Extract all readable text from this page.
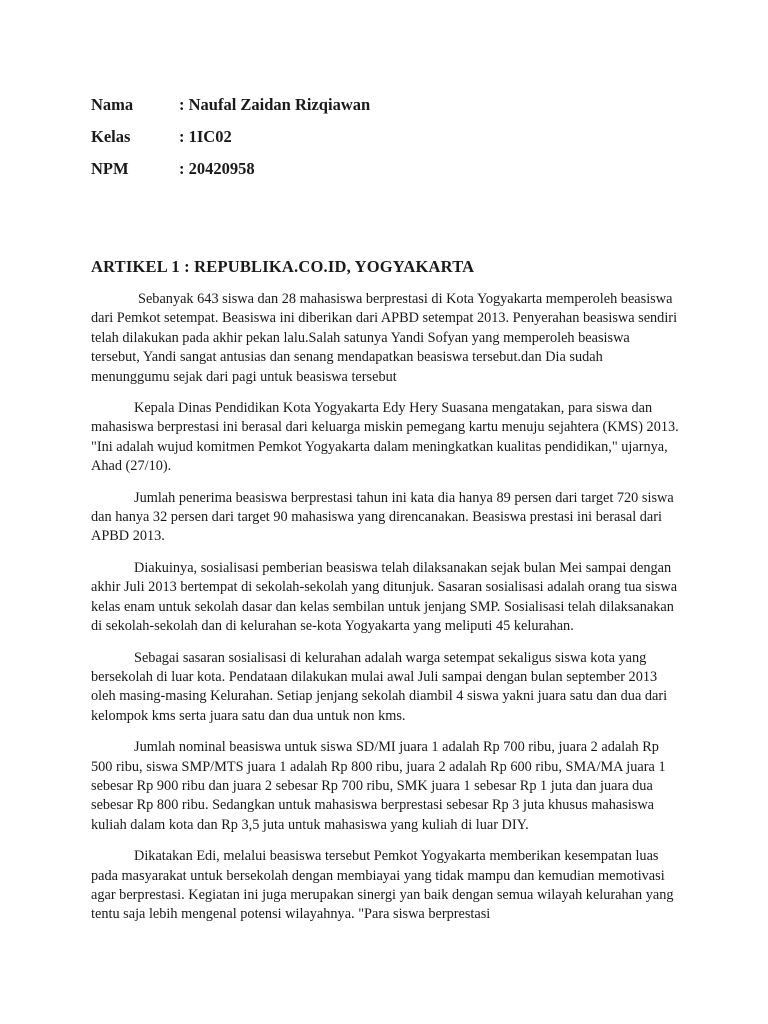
Nama	: Naufal Zaidan Rizqiawan
Kelas	: 1IC02
NPM	: 20420958
ARTIKEL 1 : REPUBLIKA.CO.ID, YOGYAKARTA

Sebanyak 643 siswa dan 28 mahasiswa berprestasi di Kota Yogyakarta memperoleh beasiswa dari Pemkot setempat. Beasiswa ini diberikan dari APBD setempat 2013. Penyerahan beasiswa sendiri telah dilakukan pada akhir pekan lalu.Salah satunya Yandi Sofyan yang memperoleh beasiswa tersebut, Yandi sangat antusias dan senang mendapatkan beasiswa tersebut.dan Dia sudah menunggumu sejak dari pagi untuk beasiswa tersebut

Kepala Dinas Pendidikan Kota Yogyakarta Edy Hery Suasana mengatakan, para siswa dan mahasiswa berprestasi ini berasal dari keluarga miskin pemegang kartu menuju sejahtera (KMS) 2013. "Ini adalah wujud komitmen Pemkot Yogyakarta dalam meningkatkan kualitas pendidikan," ujarnya, Ahad (27/10).

Jumlah penerima beasiswa berprestasi tahun ini kata dia hanya 89 persen dari target 720 siswa dan hanya 32 persen dari target 90 mahasiswa yang direncanakan. Beasiswa prestasi ini berasal dari APBD 2013.

Diakuinya, sosialisasi pemberian beasiswa telah dilaksanakan sejak bulan Mei sampai dengan akhir Juli 2013 bertempat di sekolah-sekolah yang ditunjuk. Sasaran sosialisasi adalah orang tua siswa kelas enam untuk sekolah dasar dan kelas sembilan untuk jenjang SMP. Sosialisasi telah dilaksanakan di sekolah-sekolah dan di kelurahan se-kota Yogyakarta yang meliputi 45 kelurahan.

Sebagai sasaran sosialisasi di kelurahan adalah warga setempat sekaligus siswa kota yang bersekolah di luar kota. Pendataan dilakukan mulai awal Juli sampai dengan bulan september 2013 oleh masing-masing Kelurahan. Setiap jenjang sekolah diambil 4 siswa yakni juara satu dan dua dari kelompok kms serta juara satu dan dua untuk non kms.

Jumlah nominal beasiswa untuk siswa SD/MI juara 1 adalah Rp 700 ribu, juara 2 adalah Rp 500 ribu, siswa SMP/MTS juara 1 adalah Rp 800 ribu, juara 2 adalah Rp 600 ribu, SMA/MA juara 1 sebesar Rp 900 ribu dan juara 2 sebesar Rp 700 ribu, SMK juara 1 sebesar Rp 1 juta dan juara dua sebesar Rp 800 ribu. Sedangkan untuk mahasiswa berprestasi sebesar Rp 3 juta khusus mahasiswa kuliah dalam kota dan Rp 3,5 juta untuk mahasiswa yang kuliah di luar DIY.

Dikatakan Edi, melalui beasiswa tersebut Pemkot Yogyakarta memberikan kesempatan luas pada masyarakat untuk bersekolah dengan membiayai yang tidak mampu dan kemudian memotivasi agar berprestasi. Kegiatan ini juga merupakan sinergi yan baik dengan semua wilayah kelurahan yang tentu saja lebih mengenal potensi wilayahnya. "Para siswa berprestasi
